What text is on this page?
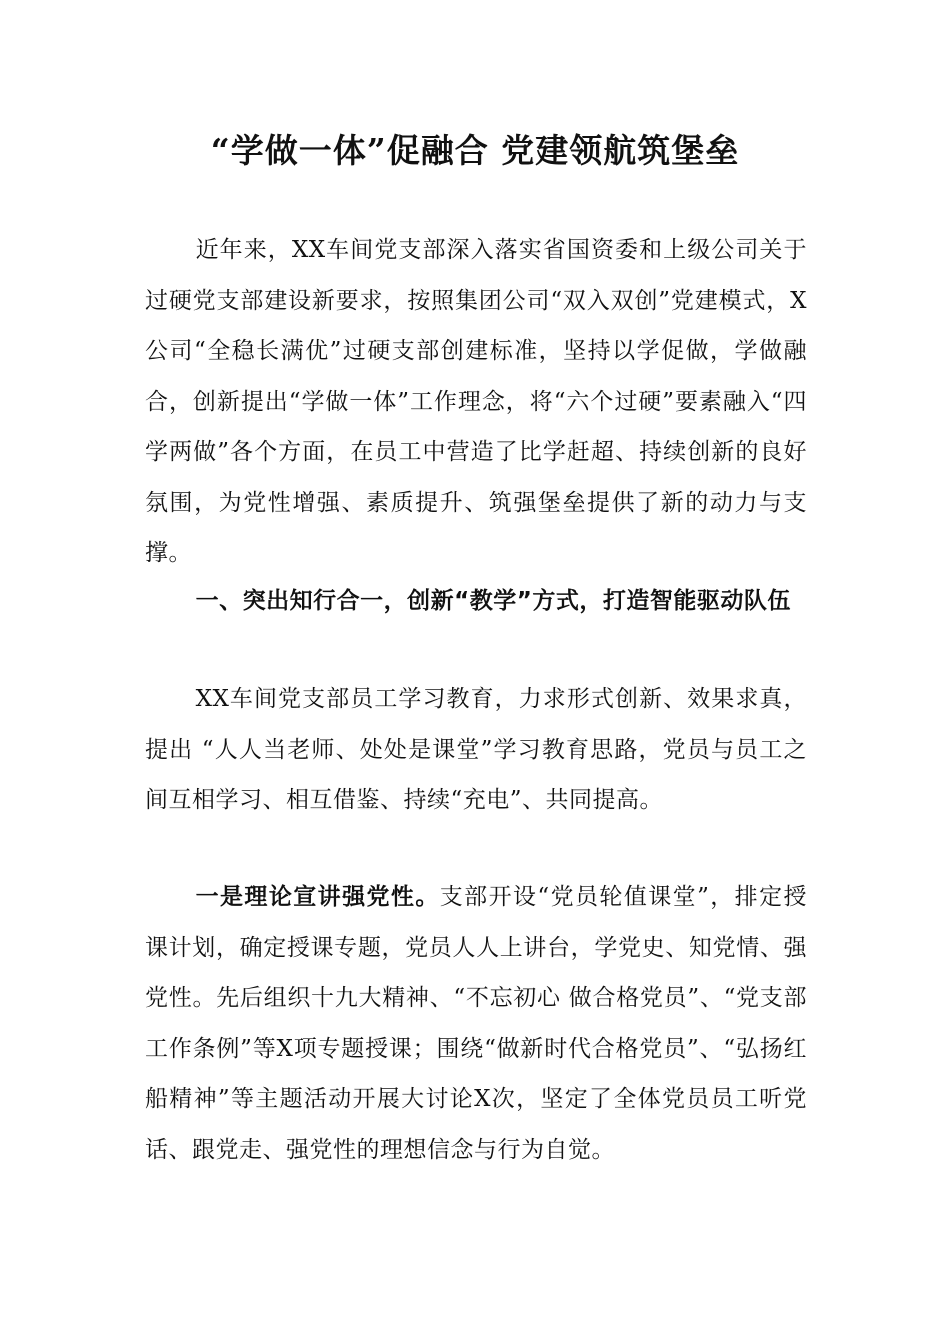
“学做一体”促融合 党建领航筑堡垒

近年来，XX车间党支部深入落实省国资委和上级公司关于过硬党支部建设新要求，按照集团公司“双入双创”党建模式，X公司“全稳长满优”过硬支部创建标准，坚持以学促做，学做融合，创新提出“学做一体”工作理念，将“六个过硬”要素融入“四学两做”各个方面，在员工中营造了比学赶超、持续创新的良好氛围，为党性增强、素质提升、筑强堡垒提供了新的动力与支撑。

一、突出知行合一，创新“教学”方式，打造智能驱动队伍

XX车间党支部员工学习教育，力求形式创新、效果求真，提出 “人人当老师、处处是课堂”学习教育思路，党员与员工之间互相学习、相互借鉴、持续“充电”、共同提高。

一是理论宣讲强党性。支部开设“党员轮值课堂”，排定授课计划，确定授课专题，党员人人上讲台，学党史、知党情、强党性。先后组织十九大精神、“不忘初心 做合格党员”、“党支部工作条例”等X项专题授课；围绕“做新时代合格党员”、“弘扬红船精神”等主题活动开展大讨论X次，坚定了全体党员员工听党话、跟党走、强党性的理想信念与行为自觉。
